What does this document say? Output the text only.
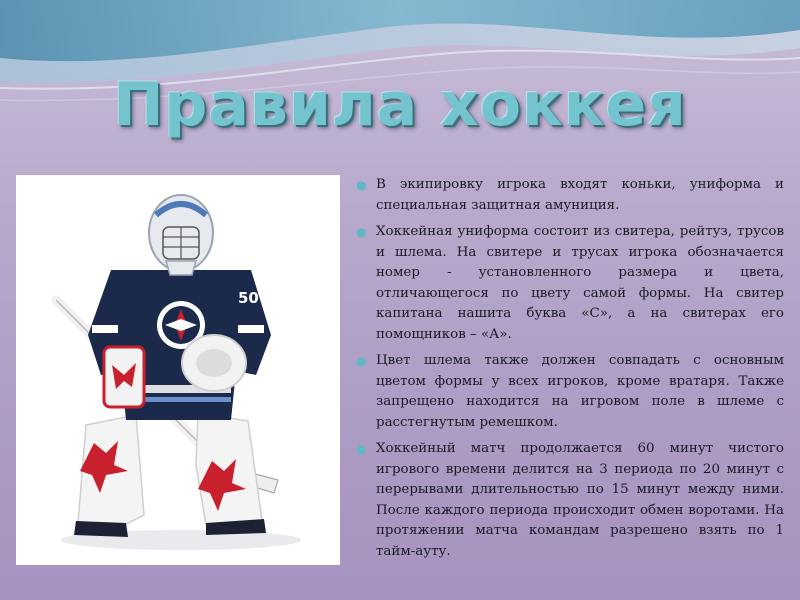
Правила хоккея
50
● В экипировку игрока входят коньки, униформа и специальная защитная амуниция.
● Хоккейная униформа состоит из свитера, рейтуз, трусов и шлема. На свитере и трусах игрока обозначается номер - установленного размера и цвета, отличающегося по цвету самой формы. На свитер капитана нашита буква «С», а на свитерах его помощников – «А».
● Цвет шлема также должен совпадать с основным цветом формы у всех игроков, кроме вратаря. Также запрещено находится на игровом поле в шлеме с расстегнутым ремешком.
● Хоккейный матч продолжается 60 минут чистого игрового времени делится на 3 периода по 20 минут с перерывами длительностью по 15 минут между ними. После каждого периода происходит обмен воротами. На протяжении матча командам разрешено взять по 1 тайм-ауту.
